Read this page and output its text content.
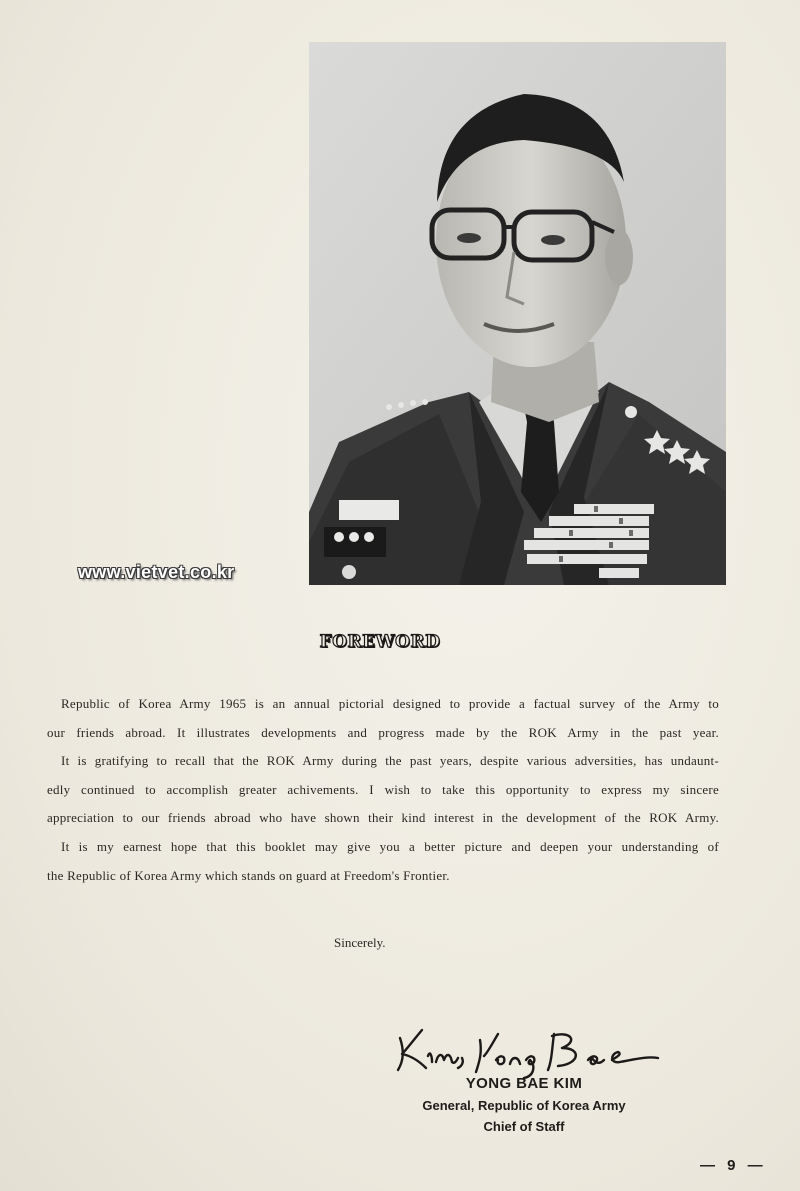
www.vietvet.co.kr
FOREWORD
Republic of Korea Army 1965 is an annual pictorial designed to provide a factual survey of the Army to
our friends abroad. It illustrates developments and progress made by the ROK Army in the past year.
It is gratifying to recall that the ROK Army during the past years, despite various adversities, has undaunt-
edly continued to accomplish greater achivements. I wish to take this opportunity to express my sincere
appreciation to our friends abroad who have shown their kind interest in the development of the ROK Army.
It is my earnest hope that this booklet may give you a better picture and deepen your understanding of
the Republic of Korea Army which stands on guard at Freedom's Frontier.
Sincerely.
Kim, Yong Bae
YONG BAE KIM
General, Republic of Korea Army
Chief of Staff
— 9 —
